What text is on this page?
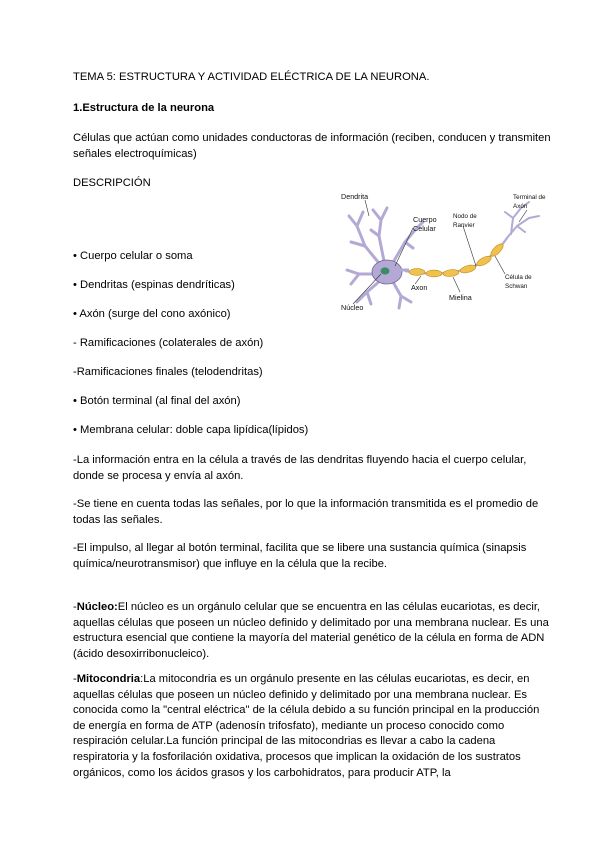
TEMA 5: ESTRUCTURA Y ACTIVIDAD ELÉCTRICA DE LA NEURONA.

1.Estructura de la neurona

Células que actúan como unidades conductoras de información (reciben, conducen y transmiten señales electroquímicas)

DESCRIPCIÓN

• Cuerpo celular o soma

• Dendritas (espinas dendríticas)

• Axón (surge del cono axónico)

- Ramificaciones (colaterales de axón)

-Ramificaciones finales (telodendritas)

• Botón terminal (al final del axón)

• Membrana celular: doble capa lipídica(lípidos)

-La información entra en la célula a través de las dendritas fluyendo hacia el cuerpo celular, donde se procesa y envía al axón.

-Se tiene en cuenta todas las señales, por lo que la información transmitida es el promedio de todas las señales.

-El impulso, al llegar al botón terminal, facilita que se libere una sustancia química (sinapsis química/neurotransmisor) que influye en la célula que la recibe.

-Núcleo:El núcleo es un orgánulo celular que se encuentra en las células eucariotas, es decir, aquellas células que poseen un núcleo definido y delimitado por una membrana nuclear. Es una estructura esencial que contiene la mayoría del material genético de la célula en forma de ADN (ácido desoxirribonucleico).

-Mitocondria:La mitocondria es un orgánulo presente en las células eucariotas, es decir, en aquellas células que poseen un núcleo definido y delimitado por una membrana nuclear. Es conocida como la "central eléctrica" de la célula debido a su función principal en la producción de energía en forma de ATP (adenosín trifosfato), mediante un proceso conocido como respiración celular.La función principal de las mitocondrias es llevar a cabo la cadena respiratoria y la fosforilación oxidativa, procesos que implican la oxidación de los sustratos orgánicos, como los ácidos grasos y los carbohidratos, para producir ATP, la

Dendrita
Cuerpo
Celular
Nodo de
Ranvier
Terminal de
Axón
Axon
Célula de
Schwan
Mielina
Núcleo
